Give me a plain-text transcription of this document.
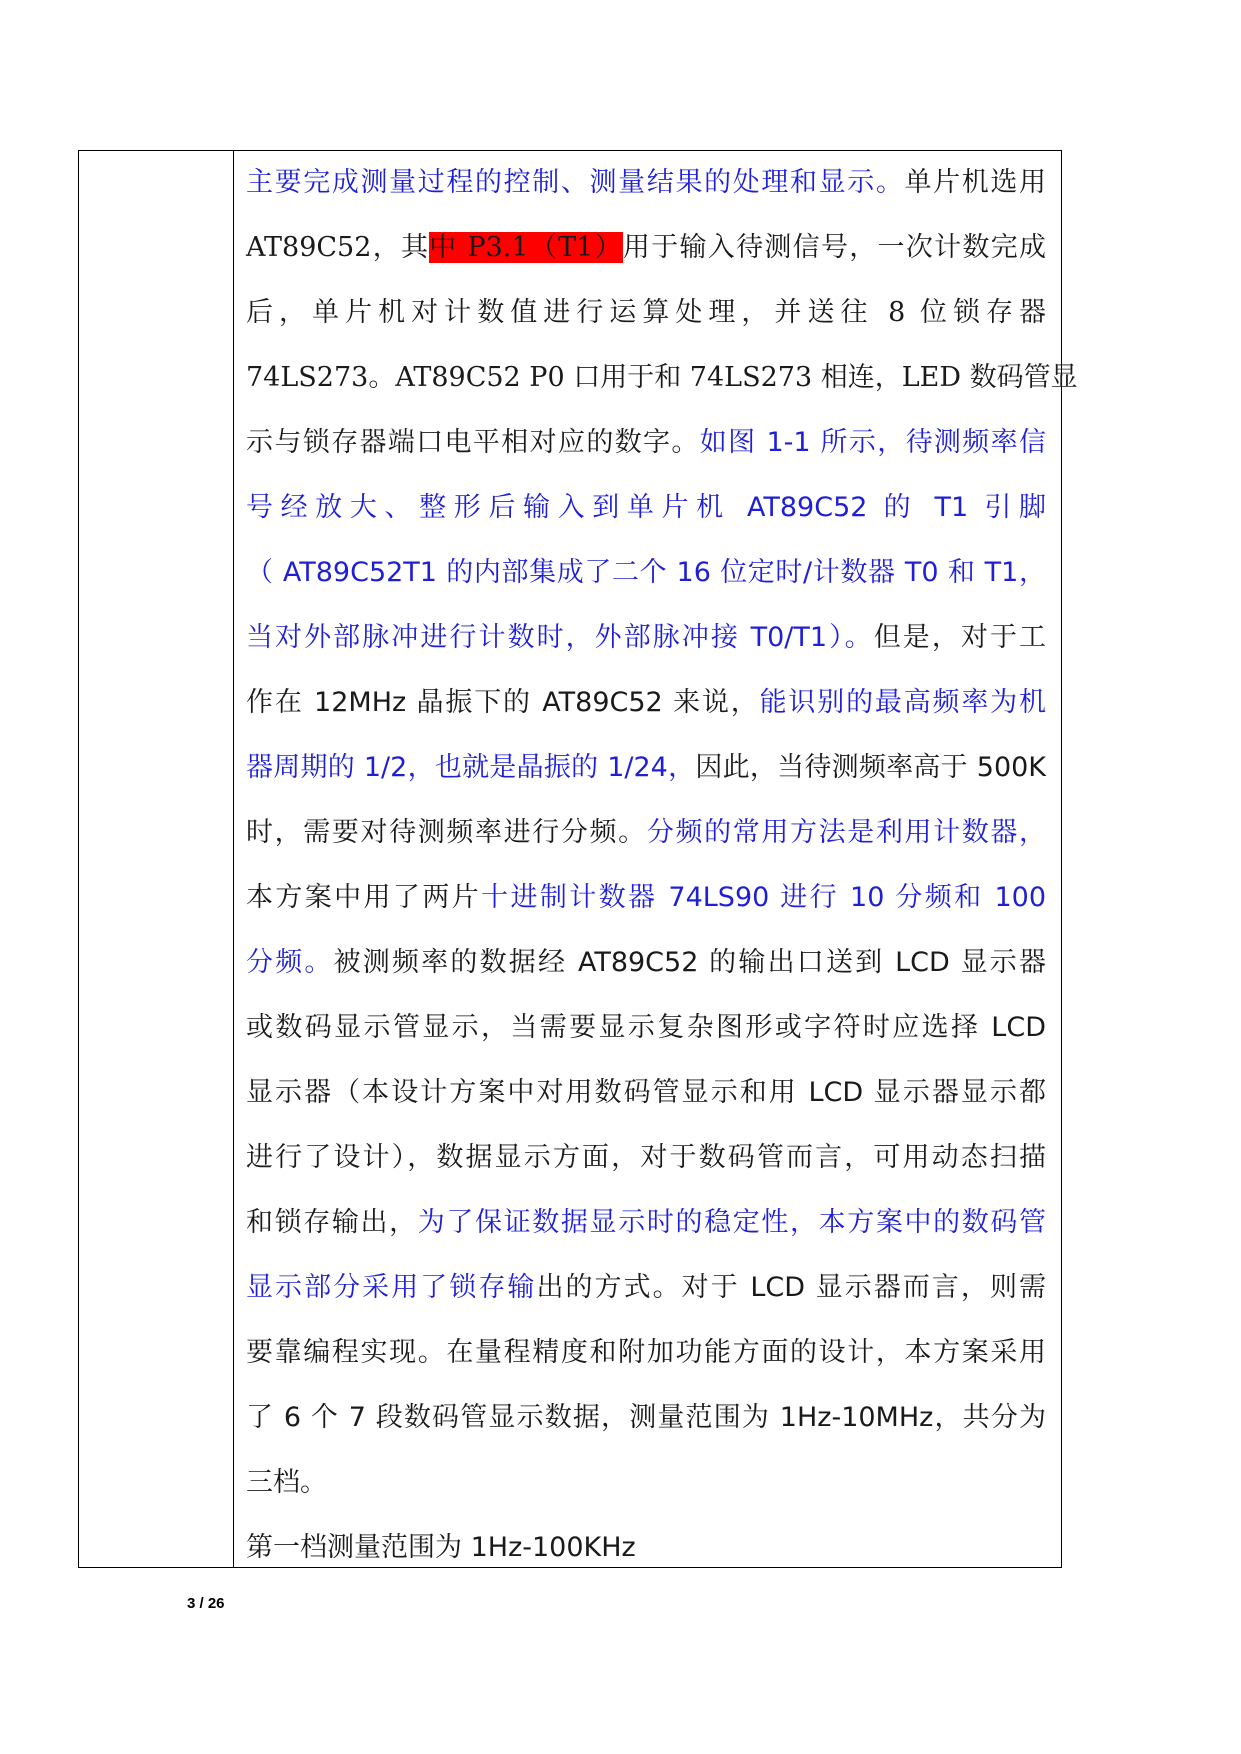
主要完成测量过程的控制、测量结果的处理和显示。单片机选用
AT89C52，其中 P3.1（T1）用于输入待测信号，一次计数完成
后，单片机对计数值进行运算处理，并送往 8 位锁存器
74LS273。AT89C52 P0 口用于和 74LS273 相连，LED 数码管显
示与锁存器端口电平相对应的数字。如图 1-1 所示，待测频率信
号经放大、整形后输入到单片机 AT89C52 的 T1 引脚
（ AT89C52T1 的内部集成了二个 16 位定时/计数器 T0 和 T1，
当对外部脉冲进行计数时，外部脉冲接 T0/T1）。但是，对于工
作在 12MHz 晶振下的 AT89C52 来说，能识别的最高频率为机
器周期的 1/2，也就是晶振的 1/24，因此，当待测频率高于 500K
时，需要对待测频率进行分频。分频的常用方法是利用计数器，
本方案中用了两片十进制计数器 74LS90 进行 10 分频和 100
分频。被测频率的数据经 AT89C52 的输出口送到 LCD 显示器
或数码显示管显示，当需要显示复杂图形或字符时应选择 LCD
显示器（本设计方案中对用数码管显示和用 LCD 显示器显示都
进行了设计），数据显示方面，对于数码管而言，可用动态扫描
和锁存输出，为了保证数据显示时的稳定性，本方案中的数码管
显示部分采用了锁存输出的方式。对于 LCD 显示器而言，则需
要靠编程实现。在量程精度和附加功能方面的设计，本方案采用
了 6 个 7 段数码管显示数据，测量范围为 1Hz-10MHz，共分为
三档。
第一档测量范围为 1Hz-100KHz
3 / 26
